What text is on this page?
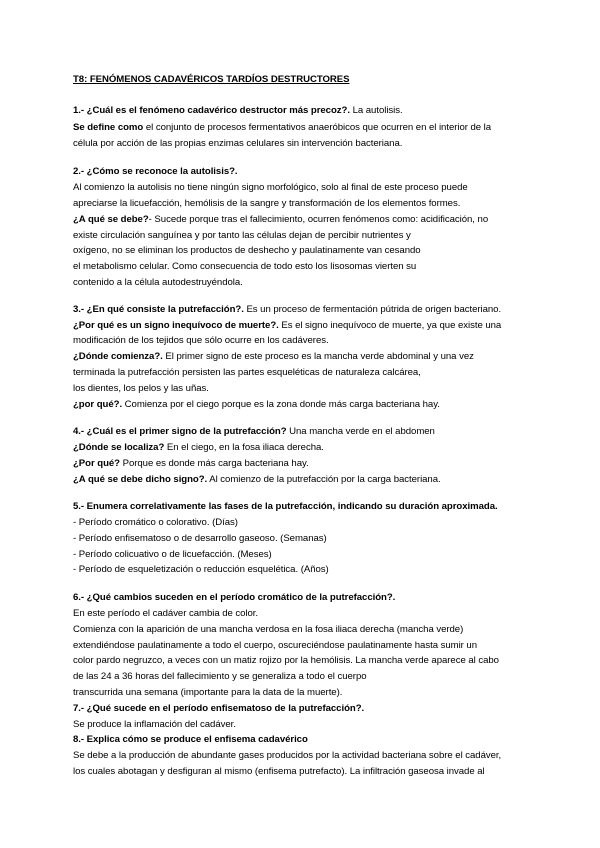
T8: FENÓMENOS CADAVÉRICOS TARDÍOS DESTRUCTORES
1.- ¿Cuál es el fenómeno cadavérico destructor más precoz?. La autolisis.
Se define como el conjunto de procesos fermentativos anaeróbicos que ocurren en el interior de la
célula por acción de las propias enzimas celulares sin intervención bacteriana.
2.- ¿Cómo se reconoce la autolisis?.
Al comienzo la autolisis no tiene ningún signo morfológico, solo al final de este proceso puede
apreciarse la licuefacción, hemólisis de la sangre y transformación de los elementos formes.
¿A qué se debe?- Sucede porque tras el fallecimiento, ocurren fenómenos como: acidificación, no
existe circulación sanguínea y por tanto las células dejan de percibir nutrientes y
oxígeno, no se eliminan los productos de deshecho y paulatinamente van cesando
el metabolismo celular. Como consecuencia de todo esto los lisosomas vierten su
contenido a la célula autodestruyéndola.
3.- ¿En qué consiste la putrefacción?. Es un proceso de fermentación pútrida de origen bacteriano.
¿Por qué es un signo inequívoco de muerte?. Es el signo inequívoco de muerte, ya que existe una
modificación de los tejidos que sólo ocurre en los cadáveres.
¿Dónde comienza?. El primer signo de este proceso es la mancha verde abdominal y una vez
terminada la putrefacción persisten las partes esqueléticas de naturaleza calcárea,
los dientes, los pelos y las uñas.
¿por qué?. Comienza por el ciego porque es la zona donde más carga bacteriana hay.
4.- ¿Cuál es el primer signo de la putrefacción? Una mancha verde en el abdomen
¿Dónde se localiza? En el ciego, en la fosa iliaca derecha.
¿Por qué? Porque es donde más carga bacteriana hay.
¿A qué se debe dicho signo?. Al comienzo de la putrefacción por la carga bacteriana.
5.- Enumera correlativamente las fases de la putrefacción, indicando su duración aproximada.
- Período cromático o colorativo. (Días)
- Período enfisematoso o de desarrollo gaseoso. (Semanas)
- Período colicuativo o de licuefacción. (Meses)
- Período de esqueletización o reducción esquelética. (Años)
6.- ¿Qué cambios suceden en el período cromático de la putrefacción?.
En este período el cadáver cambia de color.
Comienza con la aparición de una mancha verdosa en la fosa iliaca derecha (mancha verde)
extendiéndose paulatinamente a todo el cuerpo, oscureciéndose paulatinamente hasta sumir un
color pardo negruzco, a veces con un matiz rojizo por la hemólisis. La mancha verde aparece al cabo
de las 24 a 36 horas del fallecimiento y se generaliza a todo el cuerpo
transcurrida una semana (importante para la data de la muerte).
7.- ¿Qué sucede en el período enfisematoso de la putrefacción?.
Se produce la inflamación del cadáver.
8.- Explica cómo se produce el enfisema cadavérico
Se debe a la producción de abundante gases producidos por la actividad bacteriana sobre el cadáver,
los cuales abotagan y desfiguran al mismo (enfisema putrefacto). La infiltración gaseosa invade al
